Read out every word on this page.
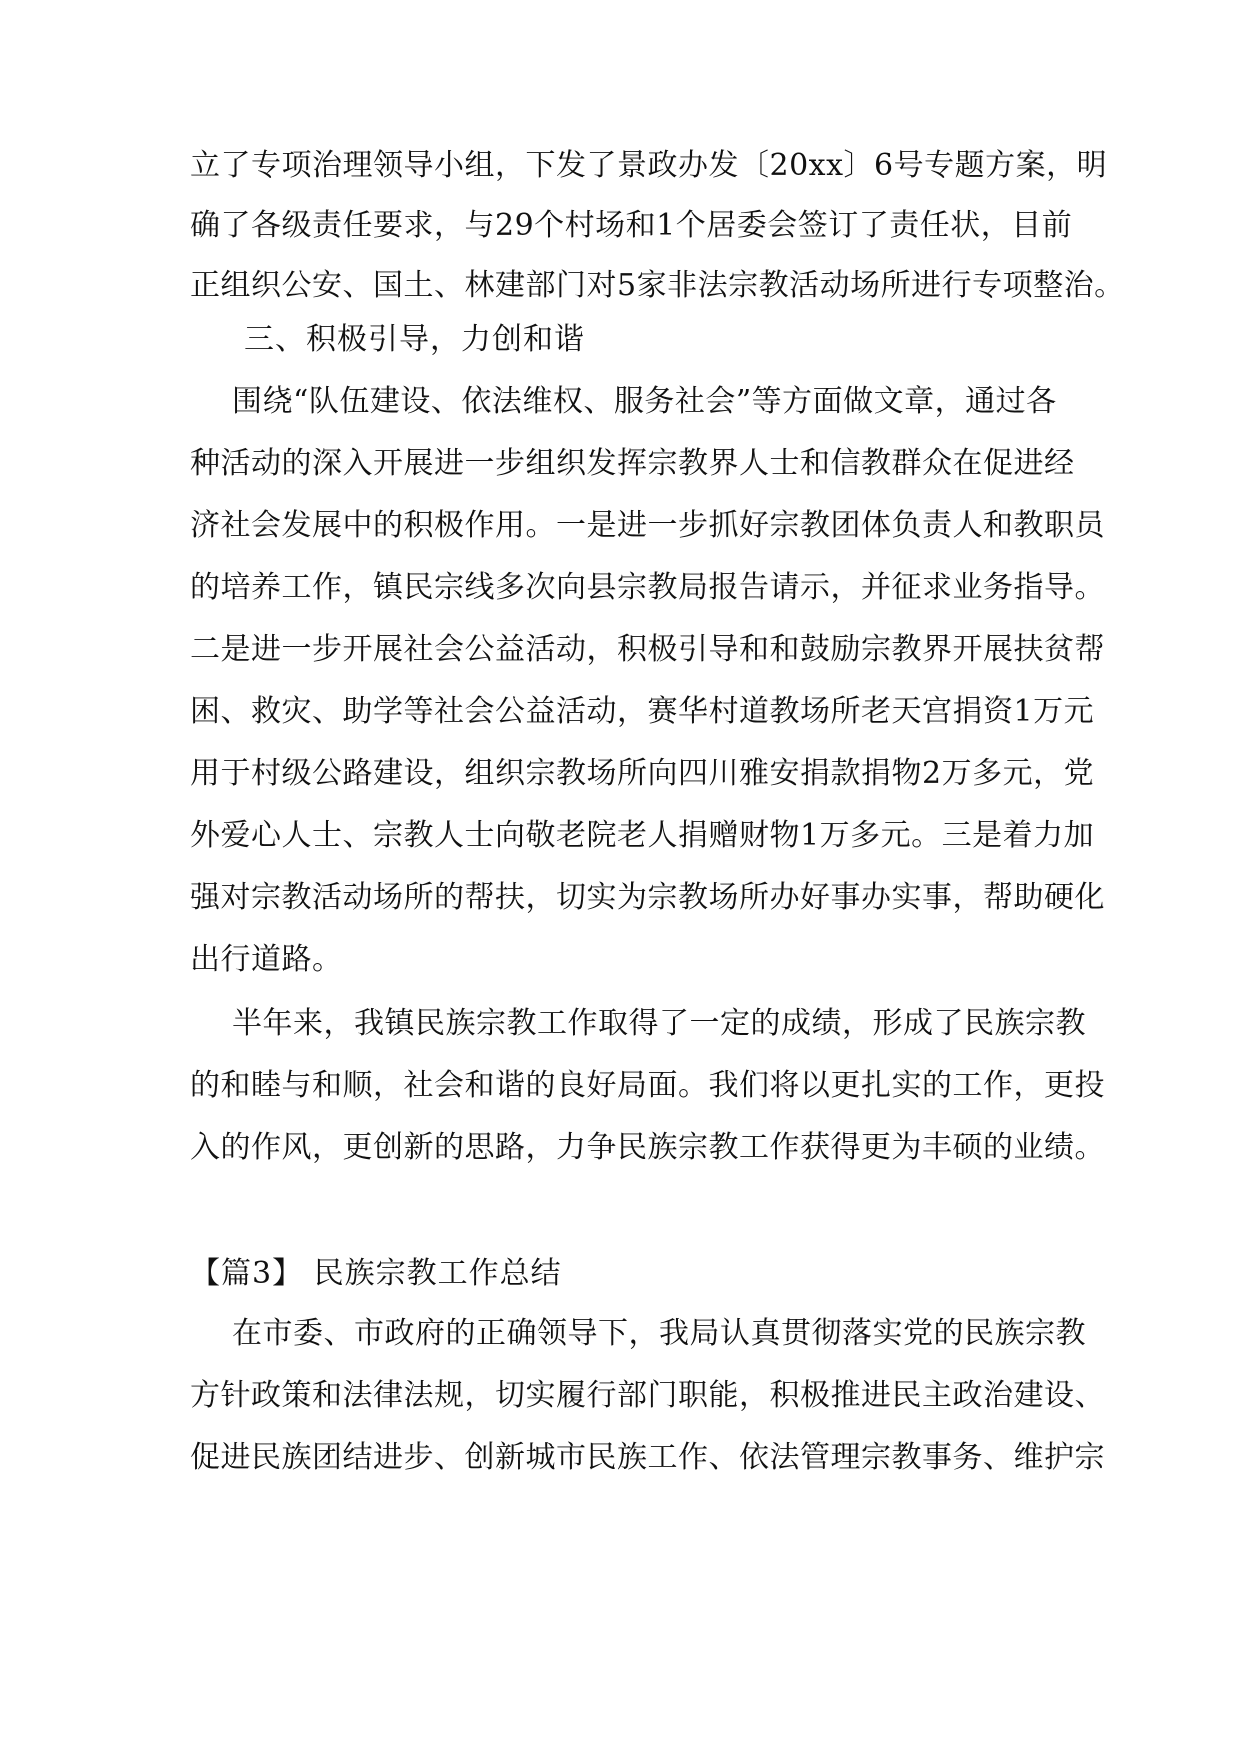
立了专项治理领导小组，下发了景政办发〔20xx〕6号专题方案，明
确了各级责任要求，与29个村场和1个居委会签订了责任状，目前
正组织公安、国土、林建部门对5家非法宗教活动场所进行专项整治。
三、积极引导，力创和谐
围绕“队伍建设、依法维权、服务社会”等方面做文章，通过各
种活动的深入开展进一步组织发挥宗教界人士和信教群众在促进经
济社会发展中的积极作用。一是进一步抓好宗教团体负责人和教职员
的培养工作，镇民宗线多次向县宗教局报告请示，并征求业务指导。
二是进一步开展社会公益活动，积极引导和和鼓励宗教界开展扶贫帮
困、救灾、助学等社会公益活动，赛华村道教场所老天宫捐资1万元
用于村级公路建设，组织宗教场所向四川雅安捐款捐物2万多元，党
外爱心人士、宗教人士向敬老院老人捐赠财物1万多元。三是着力加
强对宗教活动场所的帮扶，切实为宗教场所办好事办实事，帮助硬化
出行道路。
半年来，我镇民族宗教工作取得了一定的成绩，形成了民族宗教
的和睦与和顺，社会和谐的良好局面。我们将以更扎实的工作，更投
入的作风，更创新的思路，力争民族宗教工作获得更为丰硕的业绩。
【篇3】 民族宗教工作总结
在市委、市政府的正确领导下，我局认真贯彻落实党的民族宗教
方针政策和法律法规，切实履行部门职能，积极推进民主政治建设、
促进民族团结进步、创新城市民族工作、依法管理宗教事务、维护宗
